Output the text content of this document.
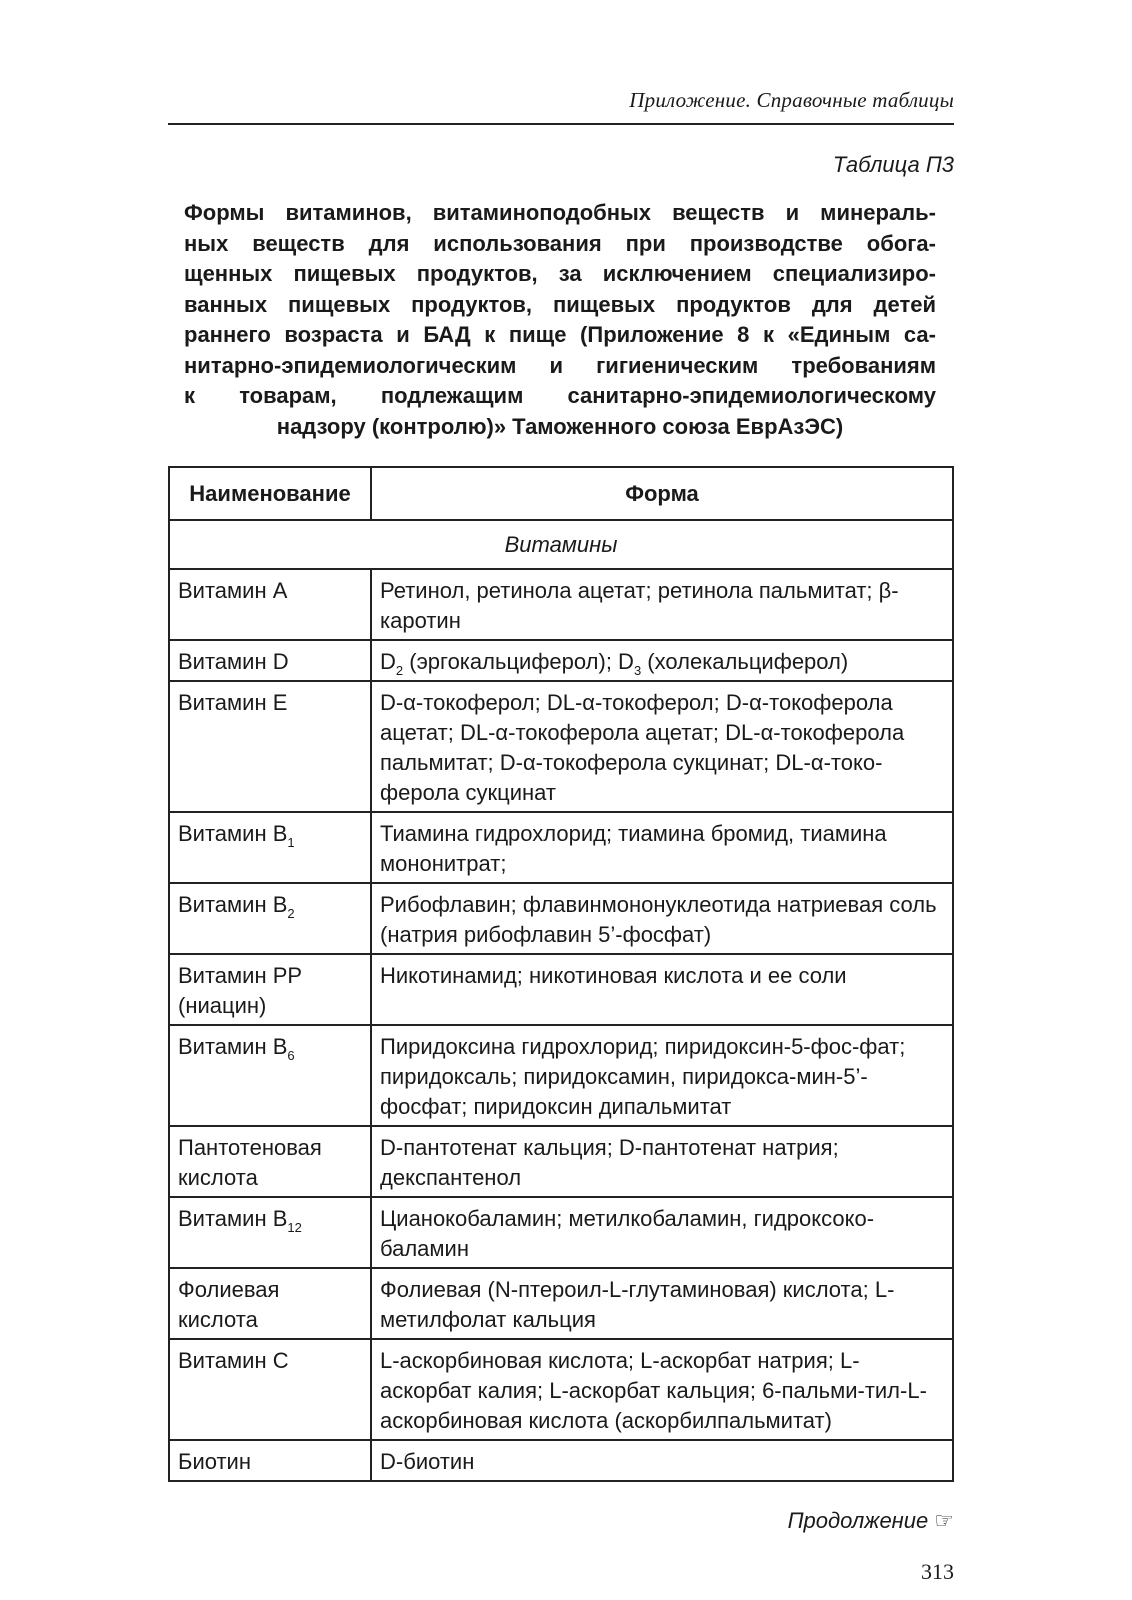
Приложение. Справочные таблицы
Таблица П3
Формы витаминов, витаминоподобных веществ и минераль-
ных веществ для использования при производстве обога-
щенных пищевых продуктов, за исключением специализиро-
ванных пищевых продуктов, пищевых продуктов для детей
раннего возраста и БАД к пище (Приложение 8 к «Единым са-
нитарно-эпидемиологическим и гигиеническим требованиям
к товарам, подлежащим санитарно-эпидемиологическому
надзору (контролю)» Таможенного союза ЕврАзЭС)
Наименование	Форма
Витамины	
Витамин А	Ретинол, ретинола ацетат; ретинола пальмитат; β-каротин
Витамин D	$D_2$ (эргокальциферол); $D_3$ (холекальциферол)
Витамин Е	D-α-токоферол; DL-α-токоферол; D-α-токоферола ацетат; DL-α-токоферола ацетат; DL-α-токоферола пальмитат; D-α-токоферола сукцинат; DL-α-токо-ферола сукцинат
Витамин $В_1$	Тиамина гидрохлорид; тиамина бромид, тиамина мононитрат;
Витамин $В_2$	Рибофлавин; флавинмононуклеотида натриевая соль (натрия рибофлавин 5’-фосфат)
Витамин РР (ниацин)	Никотинамид; никотиновая кислота и ее соли
Витамин $В_6$	Пиридоксина гидрохлорид; пиридоксин-5-фос-фат; пиридоксаль; пиридоксамин, пиридокса-мин-5’-фосфат; пиридоксин дипальмитат
Пантотеновая кислота	D-пантотенат кальция; D-пантотенат натрия; декспантенол
Витамин $В_{12}$	Цианокобаламин; метилкобаламин, гидроксоко-баламин
Фолиевая кислота	Фолиевая (N-птероил-L-глутаминовая) кислота; L-метилфолат кальция
Витамин С	L-аскорбиновая кислота; L-аскорбат натрия; L-аскорбат калия; L-аскорбат кальция; 6-пальми-тил-L-аскорбиновая кислота (аскорбилпальмитат)
Биотин	D-биотин
Продолжение ☞
313
